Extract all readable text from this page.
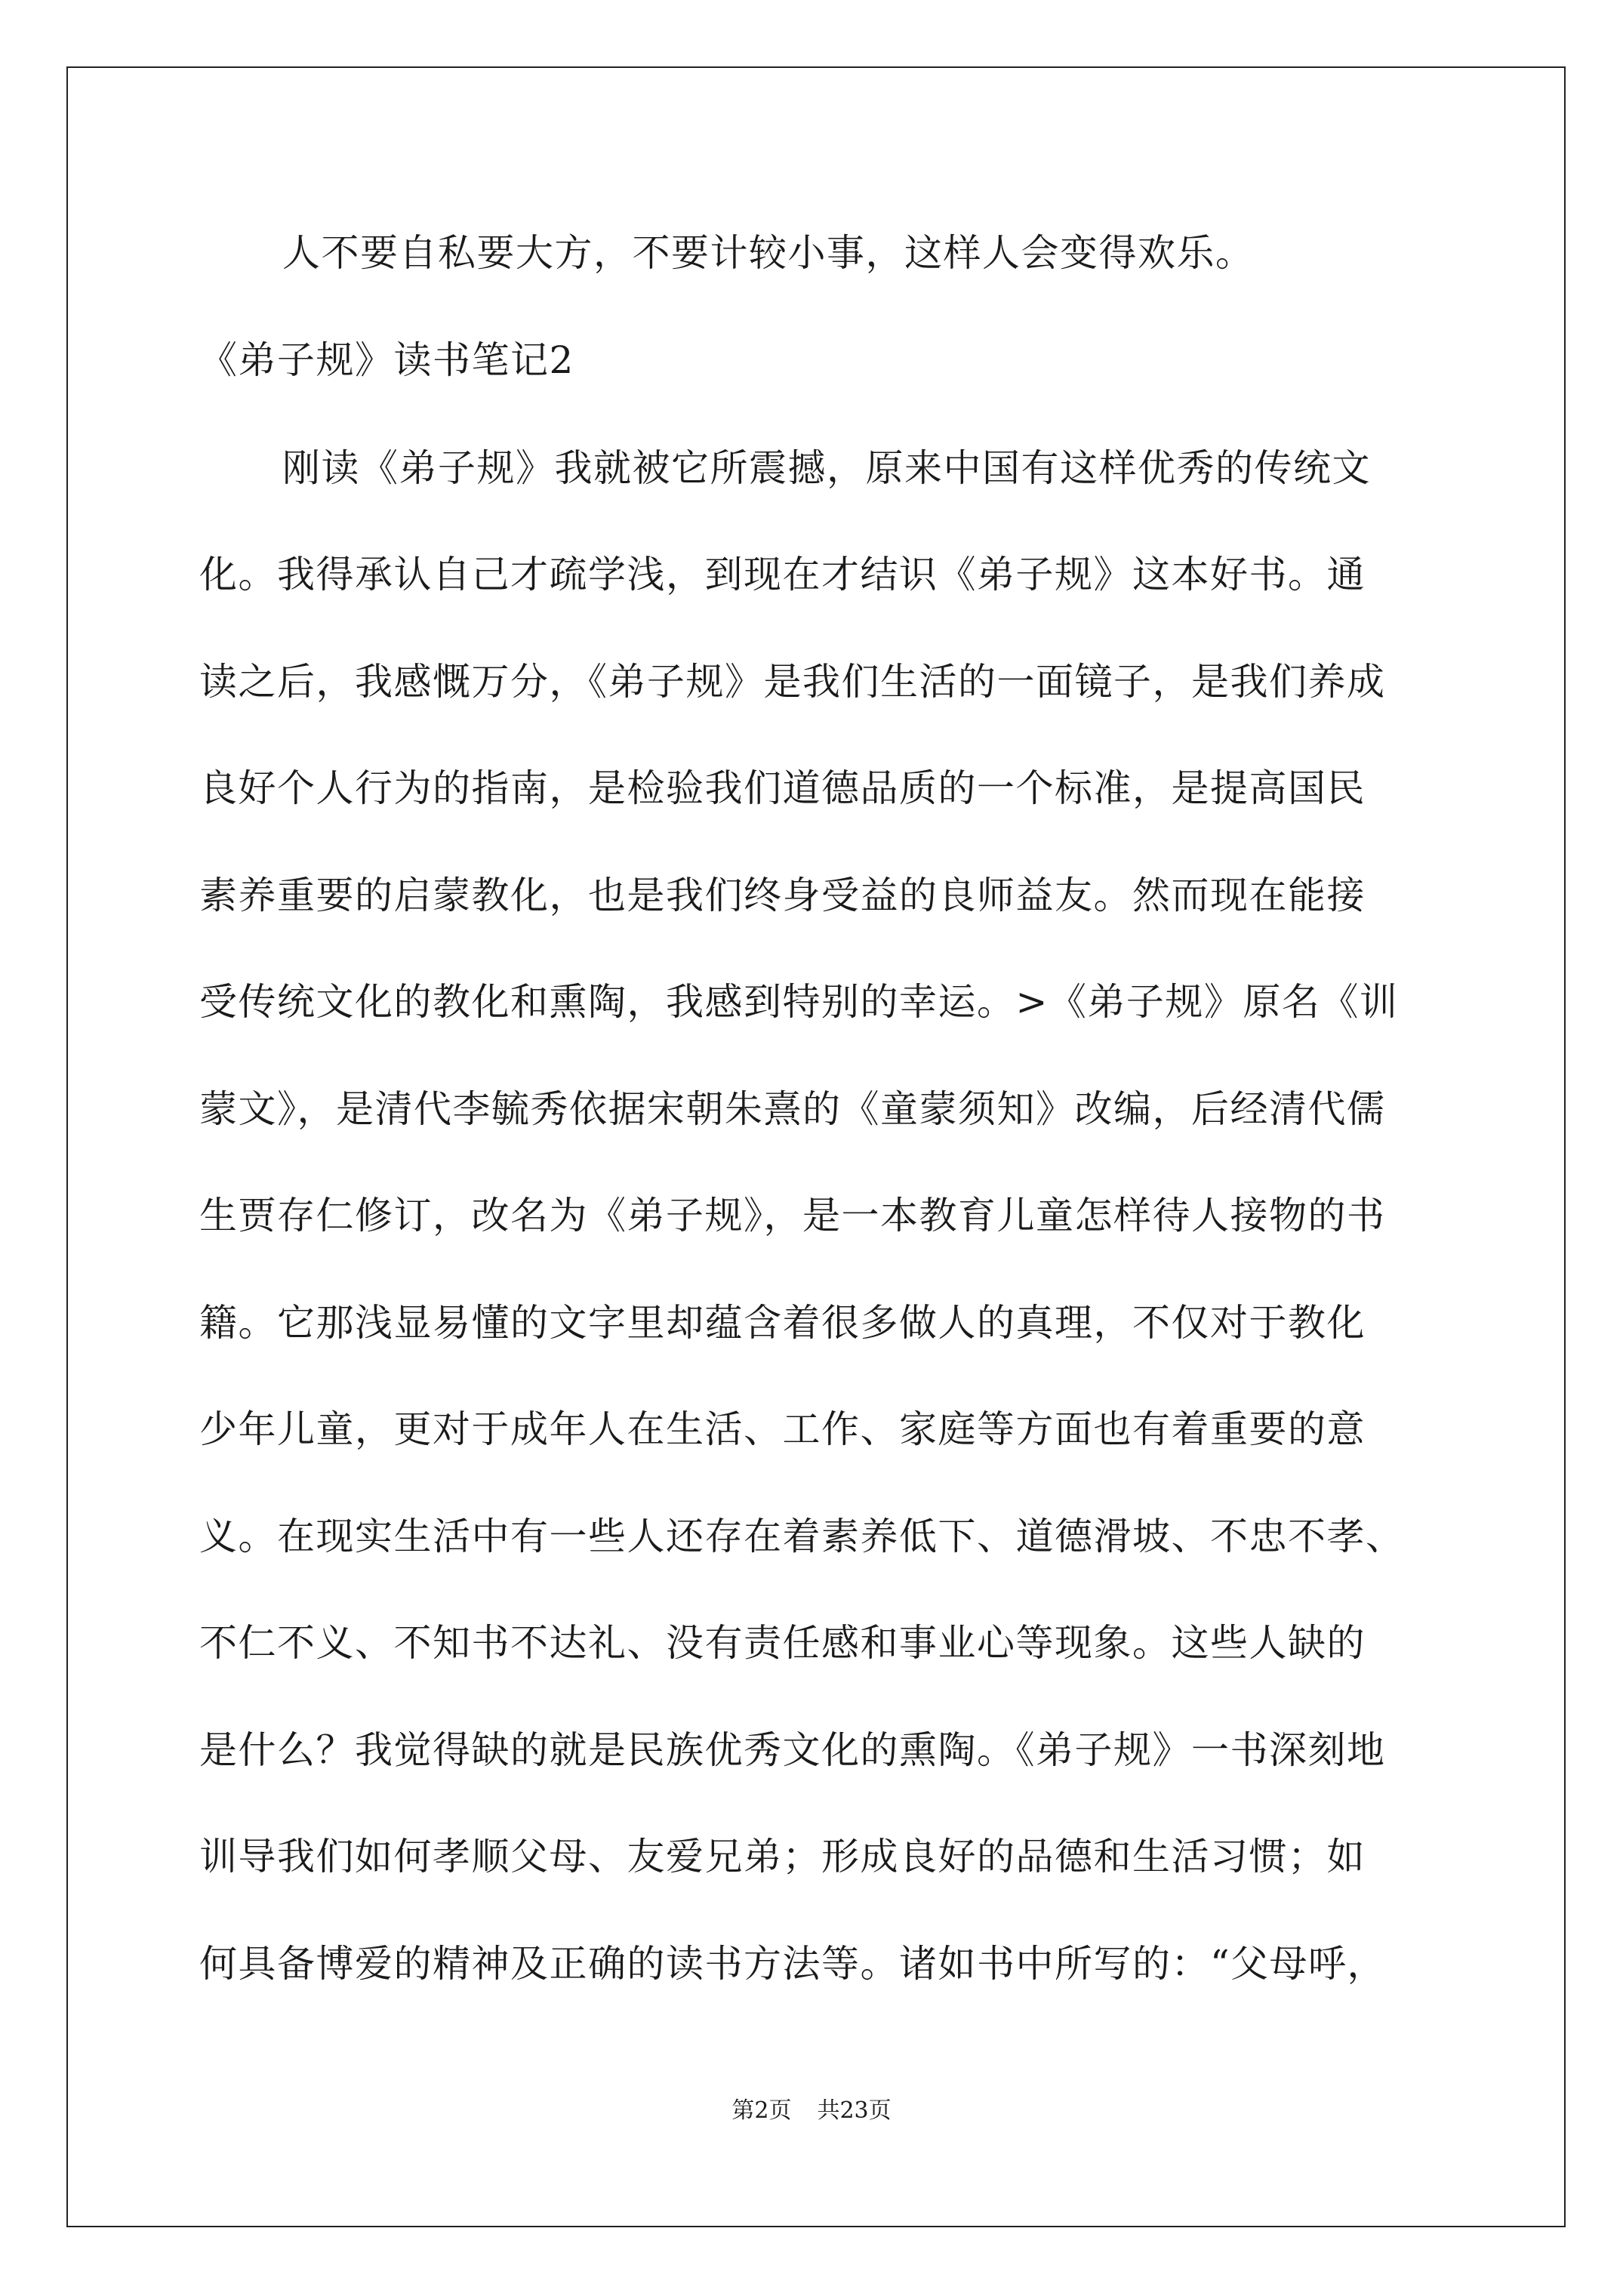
人不要自私要大方，不要计较小事，这样人会变得欢乐。
《弟子规》读书笔记2
刚读《弟子规》我就被它所震撼，原来中国有这样优秀的传统文
化。我得承认自己才疏学浅，到现在才结识《弟子规》这本好书。通
读之后，我感慨万分，《弟子规》是我们生活的一面镜子，是我们养成
良好个人行为的指南，是检验我们道德品质的一个标准，是提高国民
素养重要的启蒙教化，也是我们终身受益的良师益友。然而现在能接
受传统文化的教化和熏陶，我感到特别的幸运。>《弟子规》原名《训
蒙文》，是清代李毓秀依据宋朝朱熹的《童蒙须知》改编，后经清代儒
生贾存仁修订，改名为《弟子规》，是一本教育儿童怎样待人接物的书
籍。它那浅显易懂的文字里却蕴含着很多做人的真理，不仅对于教化
少年儿童，更对于成年人在生活、工作、家庭等方面也有着重要的意
义。在现实生活中有一些人还存在着素养低下、道德滑坡、不忠不孝、
不仁不义、不知书不达礼、没有责任感和事业心等现象。这些人缺的
是什么？我觉得缺的就是民族优秀文化的熏陶。《弟子规》一书深刻地
训导我们如何孝顺父母、友爱兄弟；形成良好的品德和生活习惯；如
何具备博爱的精神及正确的读书方法等。诸如书中所写的：“父母呼，
第2页 共23页
